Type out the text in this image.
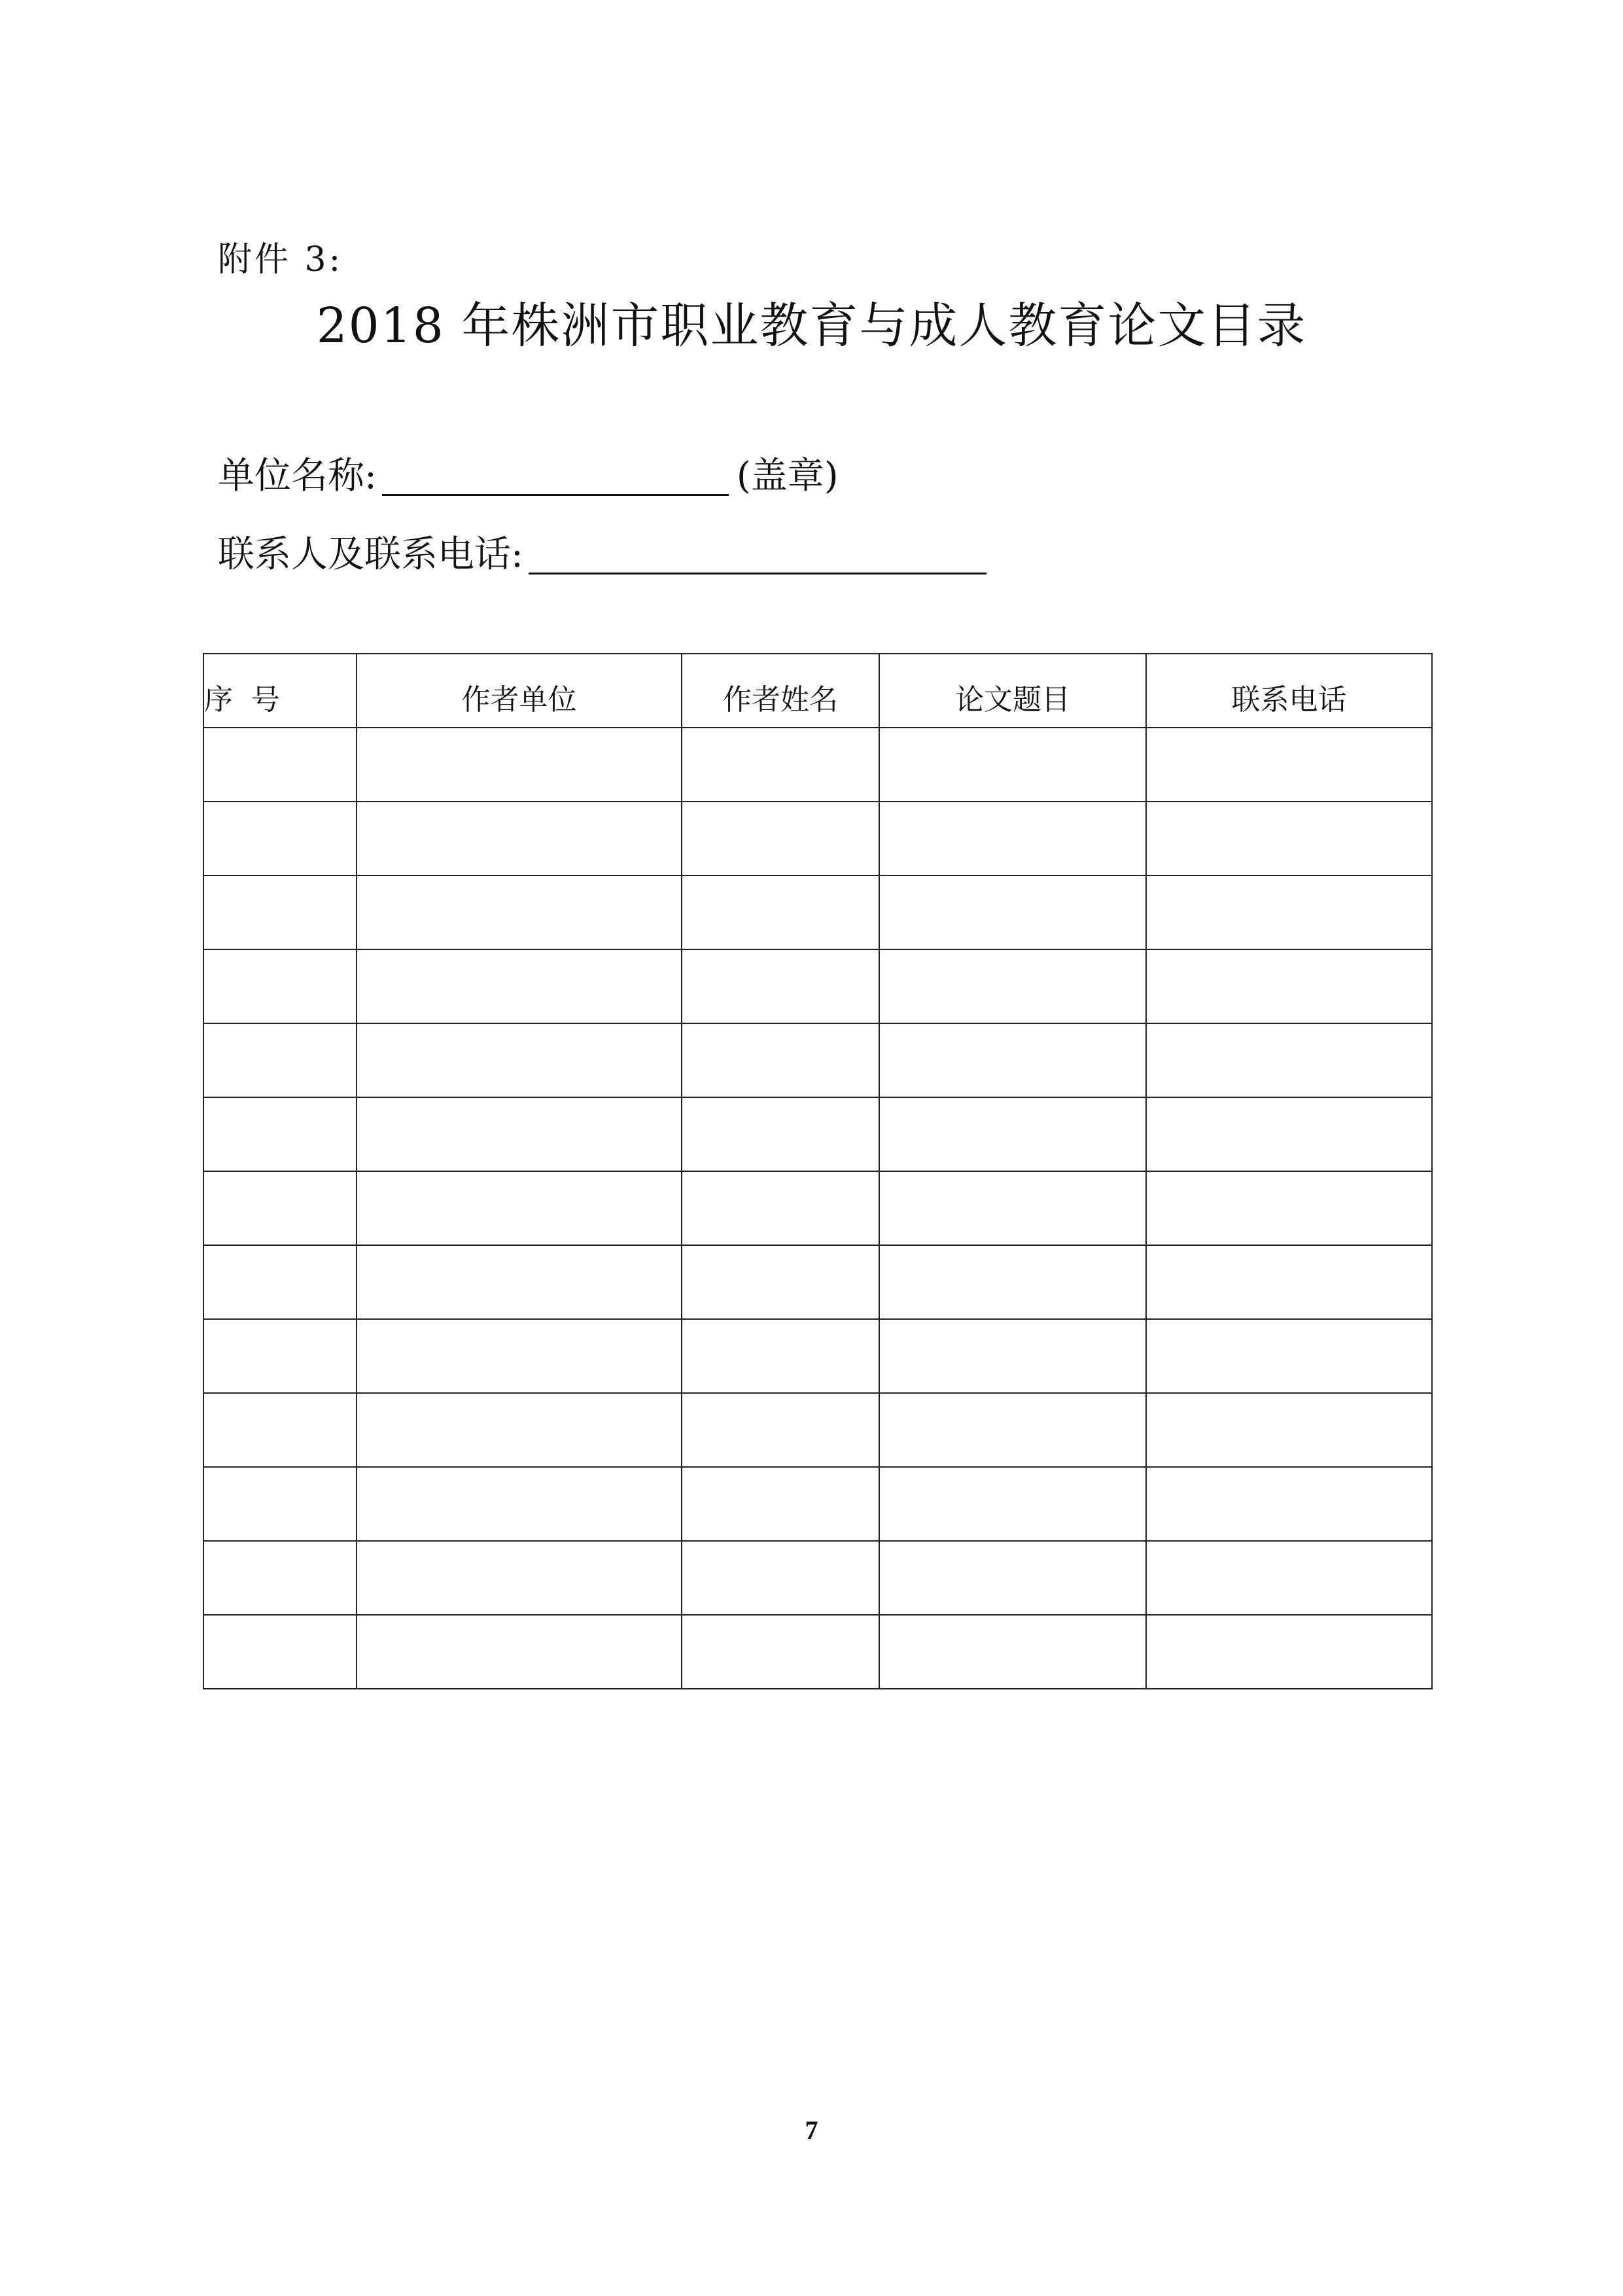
附件 3:
2018 年株洲市职业教育与成人教育论文目录
单位名称:	(盖章)
联系人及联系电话:
序号	作者单位	作者姓名	论文题目	联系电话

7
